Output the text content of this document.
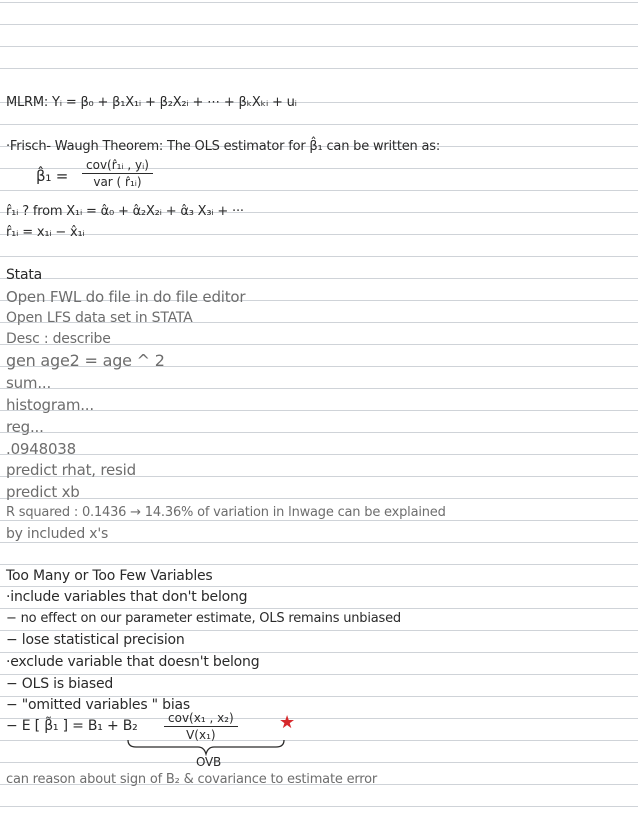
MLRM: Yᵢ = β₀ + β₁X₁ᵢ + β₂X₂ᵢ + ⋯ + βₖXₖᵢ + uᵢ
·Frisch- Waugh Theorem: The OLS estimator for β̂₁ can be written as:
β̂₁ =
cov(r̂₁ᵢ , yᵢ)
var ( r̂₁ᵢ)
r̂₁ᵢ ? from X₁ᵢ = α̂₀ + α̂₂X₂ᵢ + α̂₃ X₃ᵢ + ···
r̂₁ᵢ = x₁ᵢ − x̂₁ᵢ
Stata
Open FWL do file in do file editor
Open LFS data set in STATA
Desc : describe
gen age2 = age ^ 2
sum...
histogram...
reg...
.0948038
predict rhat, resid
predict xb
R squared : 0.1436 → 14.36% of variation in lnwage can be explained
by included x's
Too Many or Too Few Variables
·include variables that don't belong
− no effect on our parameter estimate, OLS remains unbiased
− lose statistical precision
·exclude variable that doesn't belong
− OLS is biased
− "omitted variables " bias
− E [ β̃₁ ] = B₁ + B₂	cov(x₁ , x₂)
V(x₁)
★
OVB
can reason about sign of B₂ & covariance to estimate error
